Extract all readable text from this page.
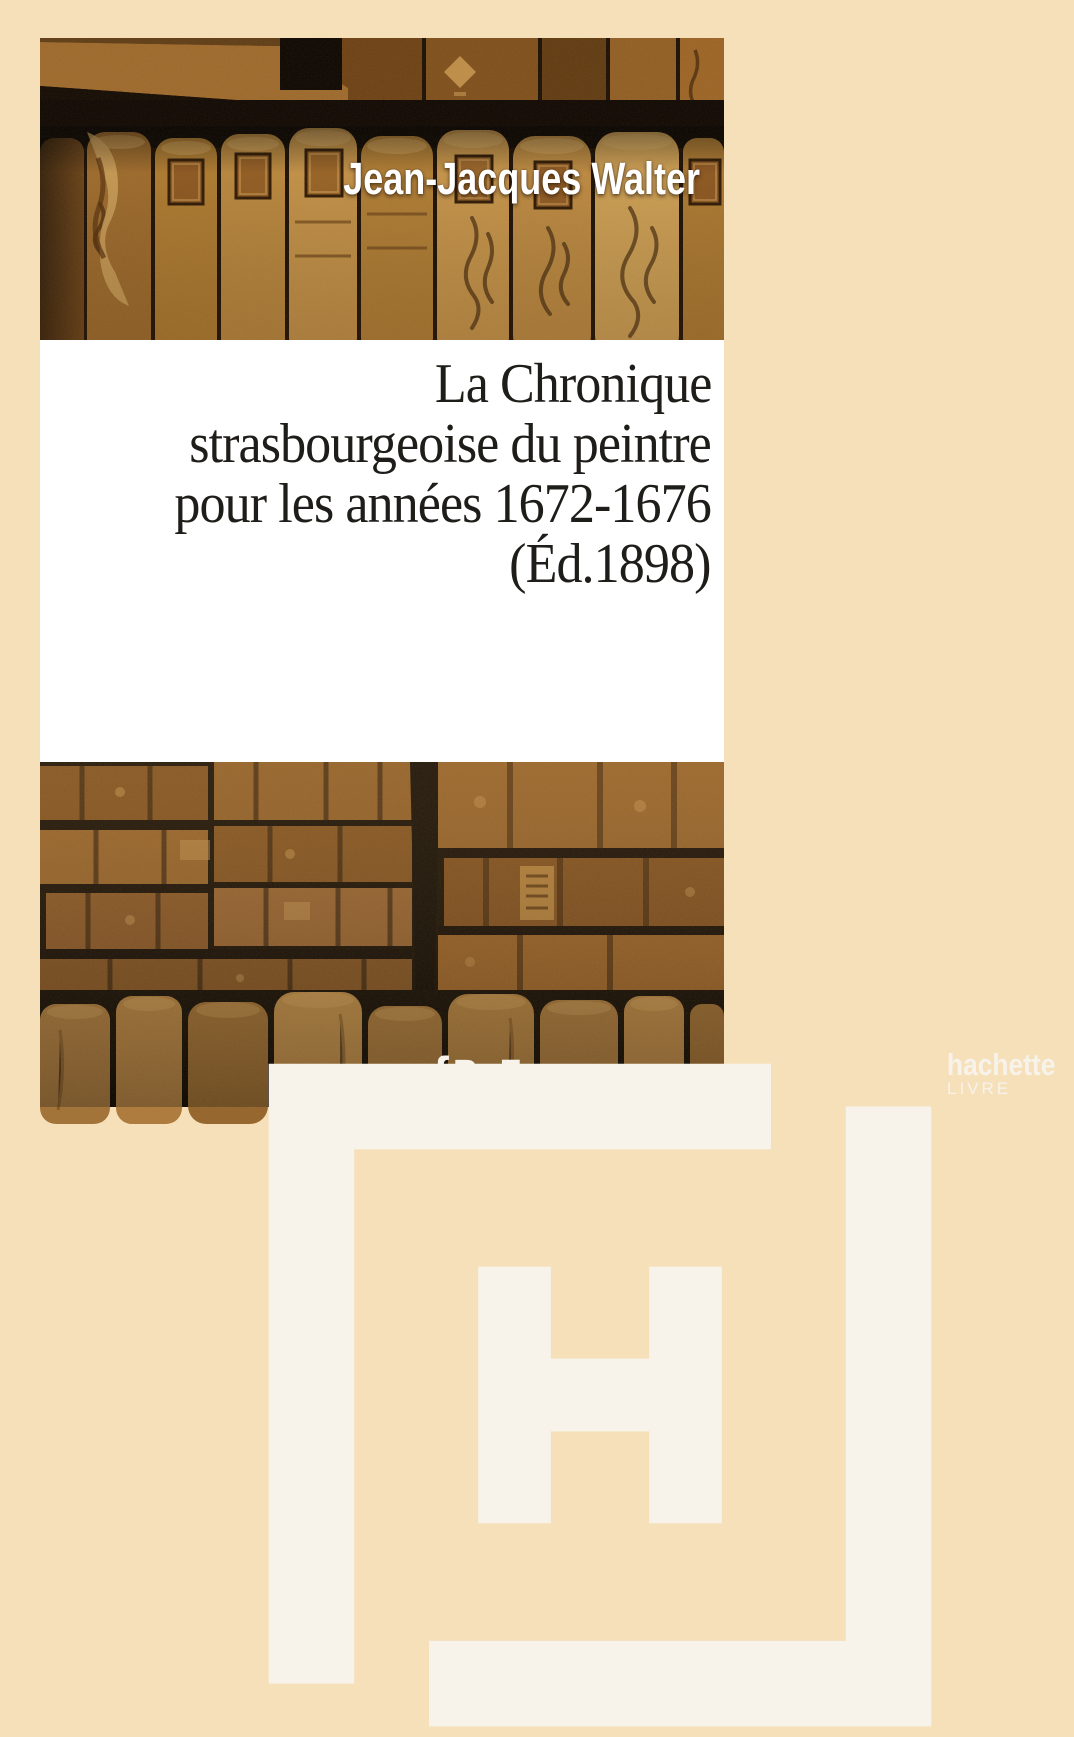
Jean-Jacques Walter
La Chronique
strasbourgeoise du peintre
pour les années 1672-1676
(Éd.1898)
hachette
LIVRE
{ BnF
